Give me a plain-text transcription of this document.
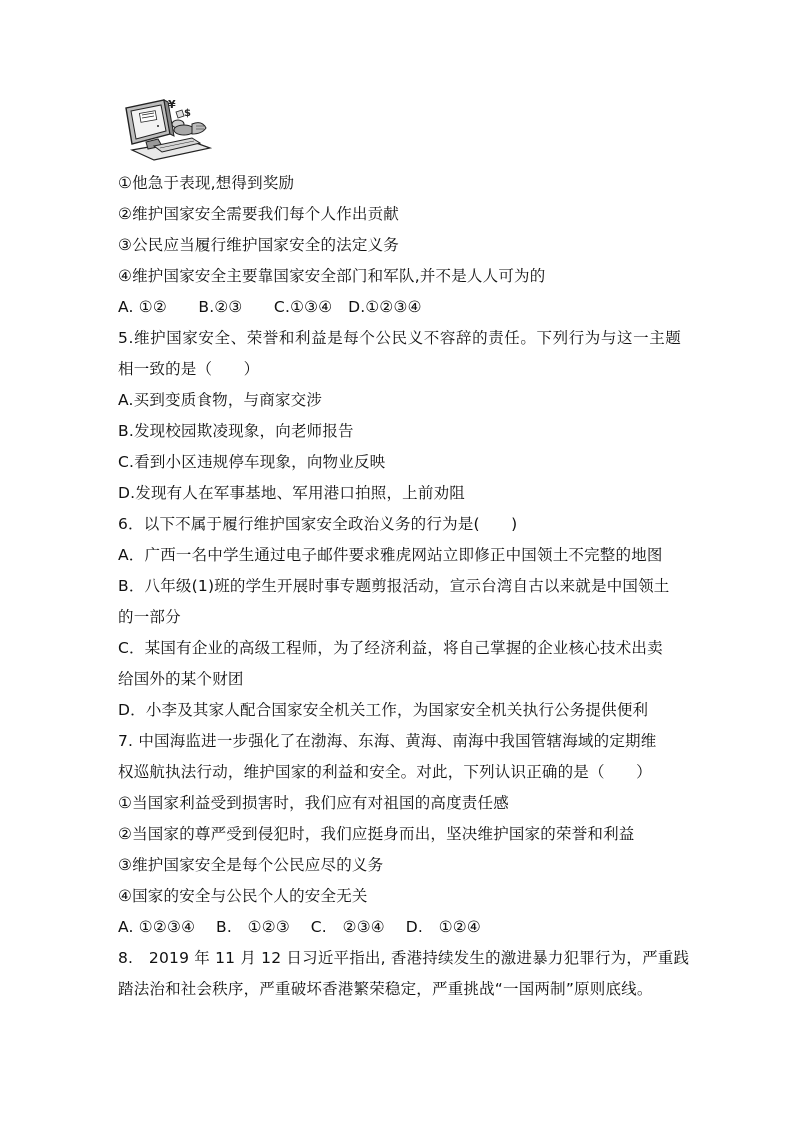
¥
$
①他急于表现,想得到奖励
②维护国家安全需要我们每个人作出贡献
③公民应当履行维护国家安全的法定义务
④维护国家安全主要靠国家安全部门和军队,并不是人人可为的
A. ①②　　B.②③　　C.①③④　D.①②③④
5.维护国家安全、荣誉和利益是每个公民义不容辞的责任。下列行为与这一主题
相一致的是（　　）
A.买到变质食物，与商家交涉
B.发现校园欺凌现象，向老师报告
C.看到小区违规停车现象，向物业反映
D.发现有人在军事基地、军用港口拍照，上前劝阻
6．以下不属于履行维护国家安全政治义务的行为是(　　)
A．广西一名中学生通过电子邮件要求雅虎网站立即修正中国领土不完整的地图
B．八年级(1)班的学生开展时事专题剪报活动，宣示台湾自古以来就是中国领土
的一部分
C．某国有企业的高级工程师，为了经济利益，将自己掌握的企业核心技术出卖
给国外的某个财团
D．小李及其家人配合国家安全机关工作，为国家安全机关执行公务提供便利
7. 中国海监进一步强化了在渤海、东海、黄海、南海中我国管辖海域的定期维
权巡航执法行动，维护国家的利益和安全。对此，下列认识正确的是（　　）
①当国家利益受到损害时，我们应有对祖国的高度责任感
②当国家的尊严受到侵犯时，我们应挺身而出，坚决维护国家的荣誉和利益
③维护国家安全是每个公民应尽的义务
④国家的安全与公民个人的安全无关
A. ①②③④　 B.　①②③　 C.　②③④　 D.　①②④
8.　2019 年 11 月 12 日习近平指出, 香港持续发生的激进暴力犯罪行为，严重践
踏法治和社会秩序，严重破坏香港繁荣稳定，严重挑战“一国两制”原则底线。
